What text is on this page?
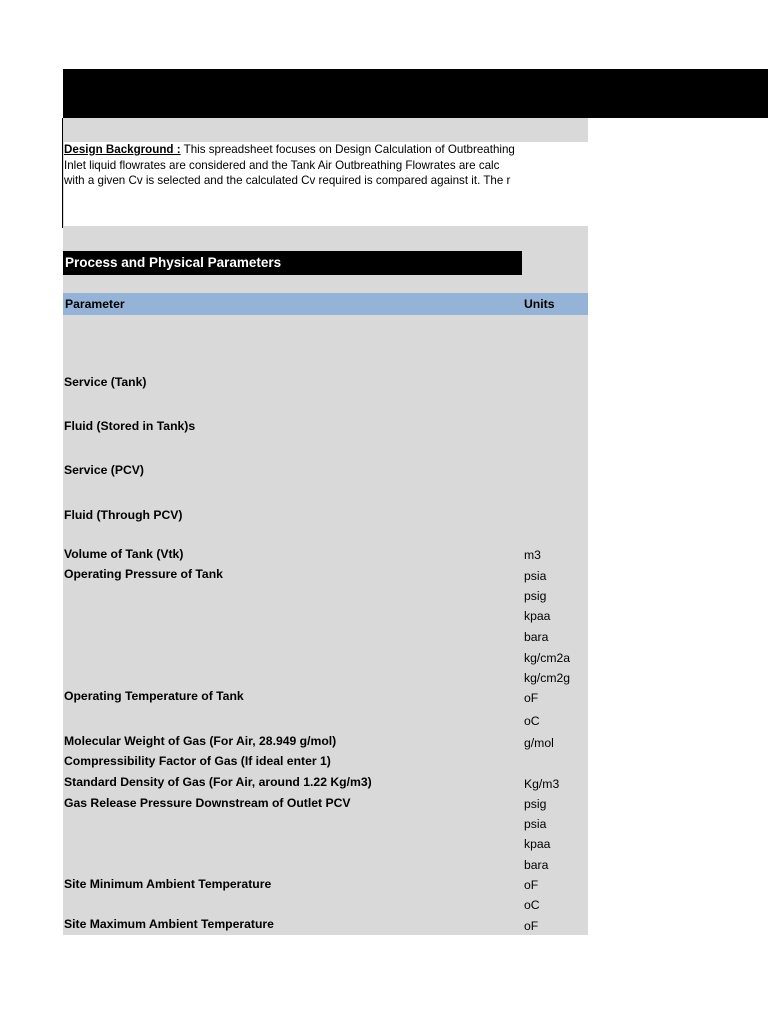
Design Background : This spreadsheet focuses on Design Calculation of Outbreathing
Inlet liquid flowrates are considered and the Tank Air Outbreathing Flowrates are calc
with a given Cv is selected and the calculated Cv required is compared against it. The r
Process and Physical Parameters
Parameter	Units
Service (Tank)
Fluid (Stored in Tank)s
Service (PCV)
Fluid (Through PCV)
Volume of Tank (Vtk)
Operating Pressure of Tank
Operating Temperature of Tank
Molecular Weight of Gas (For Air, 28.949 g/mol)
Compressibility Factor of Gas (If ideal enter 1)
Standard Density of Gas (For Air, around 1.22 Kg/m3)
Gas Release Pressure Downstream of Outlet PCV
Site Minimum Ambient Temperature
Site Maximum Ambient Temperature
m3
psia
psig
kpaa
bara
kg/cm2a
kg/cm2g
oF
oC
g/mol
Kg/m3
psig
psia
kpaa
bara
oF
oC
oF
